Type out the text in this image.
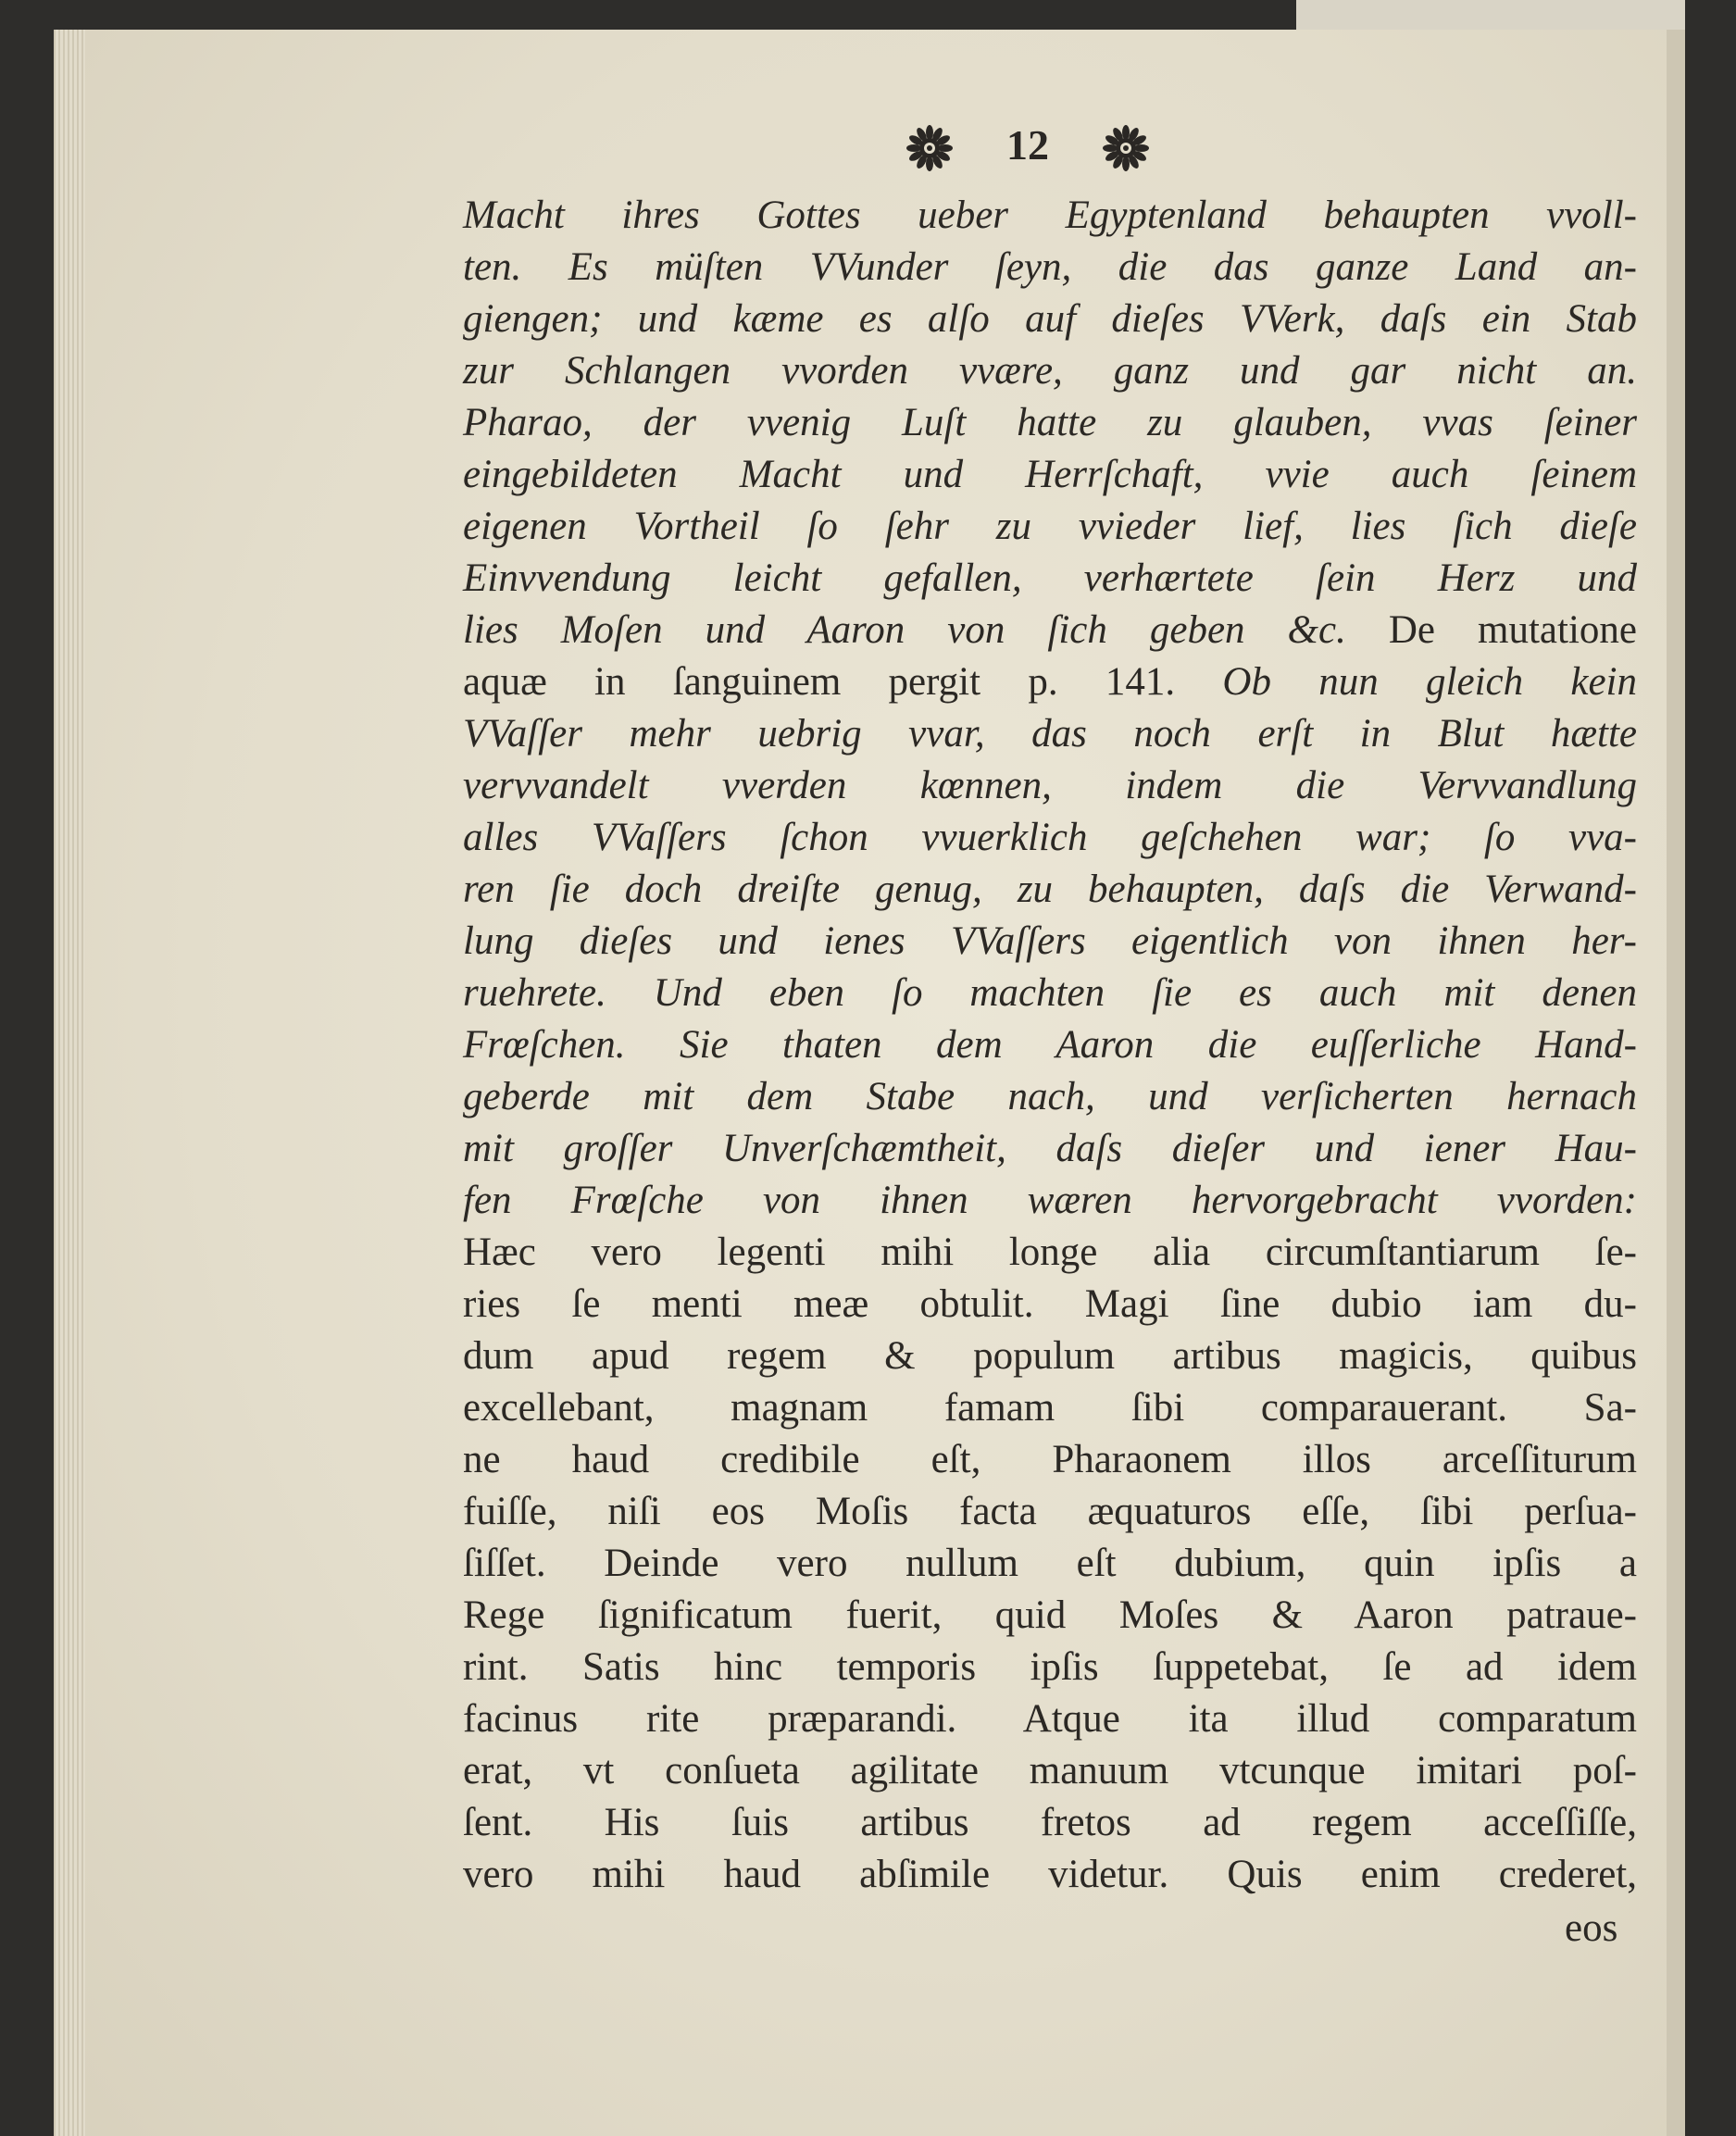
12
Macht ihres Gottes ueber Egyptenland behaupten vvoll-
ten. Es müſten VVunder ſeyn, die das ganze Land an-
giengen; und kæme es alſo auf dieſes VVerk, daſs ein Stab
zur Schlangen vvorden vvære, ganz und gar nicht an.
Pharao, der vvenig Luſt hatte zu glauben, vvas ſeiner
eingebildeten Macht und Herrſchaft, vvie auch ſeinem
eigenen Vortheil ſo ſehr zu vvieder lief, lies ſich dieſe
Einvvendung leicht gefallen, verhærtete ſein Herz und
lies Moſen und Aaron von ſich geben &c. De mutatione
aquæ in ſanguinem pergit p. 141. Ob nun gleich kein
VVaſſer mehr uebrig vvar, das noch erſt in Blut hætte
vervvandelt vverden kœnnen, indem die Vervvandlung
alles VVaſſers ſchon vvuerklich geſchehen war; ſo vva-
ren ſie doch dreiſte genug, zu behaupten, daſs die Verwand-
lung dieſes und ienes VVaſſers eigentlich von ihnen her-
ruehrete. Und eben ſo machten ſie es auch mit denen
Frœſchen. Sie thaten dem Aaron die euſſerliche Hand-
geberde mit dem Stabe nach, und verſicherten hernach
mit groſſer Unverſchæmtheit, daſs dieſer und iener Hau-
fen Frœſche von ihnen wæren hervorgebracht vvorden:
Hæc vero legenti mihi longe alia circumſtantiarum ſe-
ries ſe menti meæ obtulit. Magi ſine dubio iam du-
dum apud regem & populum artibus magicis, quibus
excellebant, magnam famam ſibi comparauerant. Sa-
ne haud credibile eſt, Pharaonem illos arceſſiturum
fuiſſe, niſi eos Moſis facta æquaturos eſſe, ſibi perſua-
ſiſſet. Deinde vero nullum eſt dubium, quin ipſis a
Rege ſignificatum fuerit, quid Moſes & Aaron patraue-
rint. Satis hinc temporis ipſis ſuppetebat, ſe ad idem
facinus rite præparandi. Atque ita illud comparatum
erat, vt conſueta agilitate manuum vtcunque imitari poſ-
ſent. His ſuis artibus fretos ad regem acceſſiſſe,
vero mihi haud abſimile videtur. Quis enim crederet,
eos
